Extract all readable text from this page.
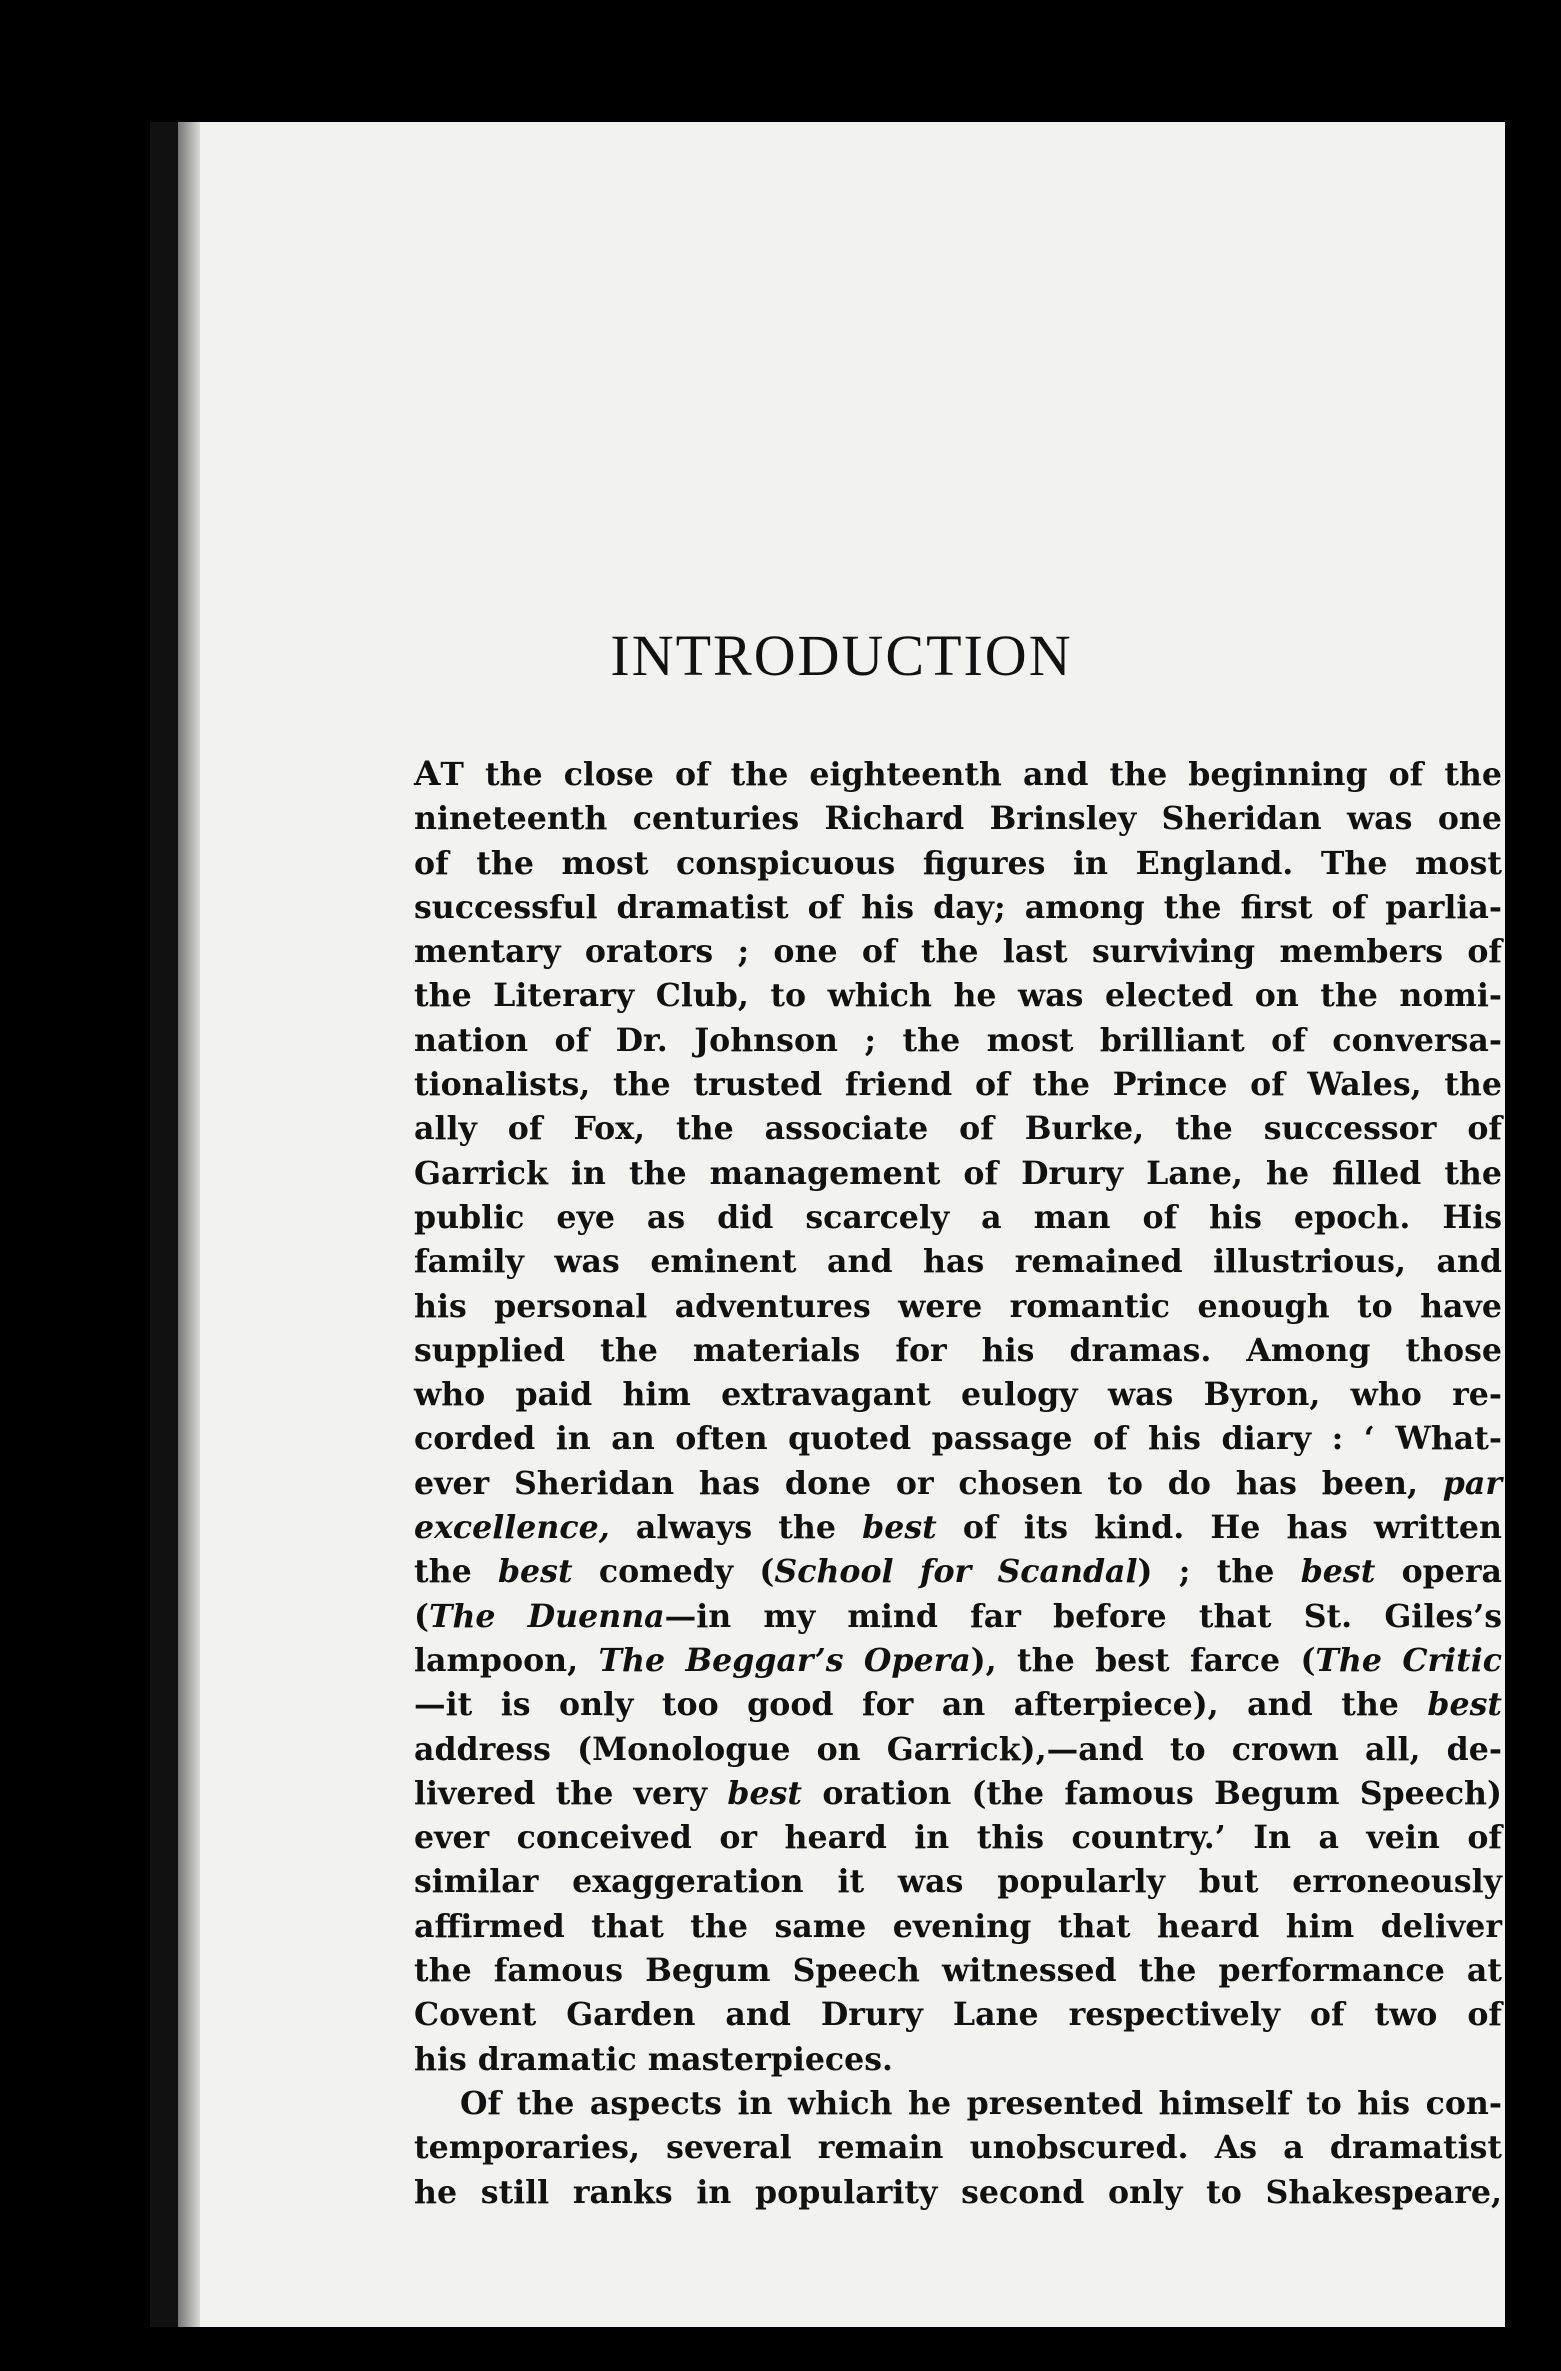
INTRODUCTION
AT the close of the eighteenth and the beginning of the
nineteenth centuries Richard Brinsley Sheridan was one
of the most conspicuous figures in England. The most
successful dramatist of his day; among the first of parlia-
mentary orators ; one of the last surviving members of
the Literary Club, to which he was elected on the nomi-
nation of Dr. Johnson ; the most brilliant of conversa-
tionalists, the trusted friend of the Prince of Wales, the
ally of Fox, the associate of Burke, the successor of
Garrick in the management of Drury Lane, he filled the
public eye as did scarcely a man of his epoch. His
family was eminent and has remained illustrious, and
his personal adventures were romantic enough to have
supplied the materials for his dramas. Among those
who paid him extravagant eulogy was Byron, who re-
corded in an often quoted passage of his diary : ‘ What-
ever Sheridan has done or chosen to do has been, par
excellence, always the best of its kind. He has written
the best comedy (School for Scandal) ; the best opera
(The Duenna—in my mind far before that St. Giles’s
lampoon, The Beggar’s Opera), the best farce (The Critic
—it is only too good for an afterpiece), and the best
address (Monologue on Garrick),—and to crown all, de-
livered the very best oration (the famous Begum Speech)
ever conceived or heard in this country.’ In a vein of
similar exaggeration it was popularly but erroneously
affirmed that the same evening that heard him deliver
the famous Begum Speech witnessed the performance at
Covent Garden and Drury Lane respectively of two of
his dramatic masterpieces.
Of the aspects in which he presented himself to his con-
temporaries, several remain unobscured. As a dramatist
he still ranks in popularity second only to Shakespeare,
